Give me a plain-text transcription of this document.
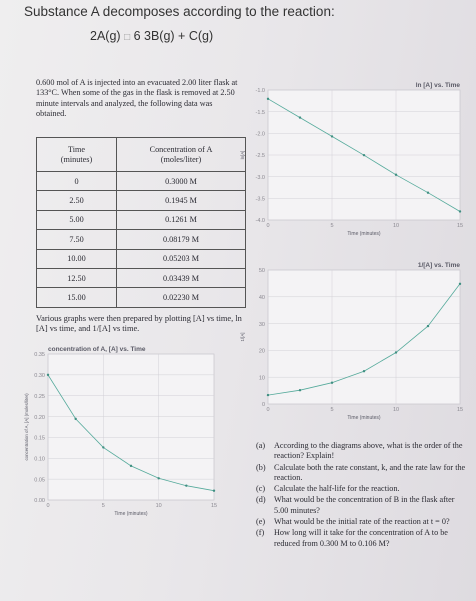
Substance A decomposes according to the reaction:
2A(g) □ 6 3B(g) + C(g)
0.600 mol of A is injected into an evacuated 2.00 liter flask at 133°C. When some of the gas in the flask is removed at 2.50 minute intervals and analyzed, the following data was obtained.
Time
(minutes)	Concentration of A
(moles/liter)
0	0.3000 M
2.50	0.1945 M
5.00	0.1261 M
7.50	0.08179 M
10.00	0.05203 M
12.50	0.03439 M
15.00	0.02230 M
Various graphs were then prepared by plotting [A] vs time, ln [A] vs time, and 1/[A] vs time.
0.00
0.05
0.10
0.15
0.20
0.25
0.30
0.35
0	5	10	15
concentration of A, [A] vs. Time
Time (minutes)
concentration of A, [A] (moles/liter)
-4.0
-3.5
-3.0
-2.5
-2.0
-1.5
-1.0
0	5	10	15
ln [A] vs. Time
Time (minutes)
ln[A]
0
10
20
30
40
50
0	5	10	15
1/[A] vs. Time
Time (minutes)
1/[A]
(a)	According to the diagrams above, what is the order of the reaction? Explain!
(b)	Calculate both the rate constant, k, and the rate law for the reaction.
(c)	Calculate the half-life for the reaction.
(d)	What would be the concentration of B in the flask after 5.00 minutes?
(e)	What would be the initial rate of the reaction at t = 0?
(f)	How long will it take for the concentration of A to be reduced from 0.300 M to 0.106 M?
